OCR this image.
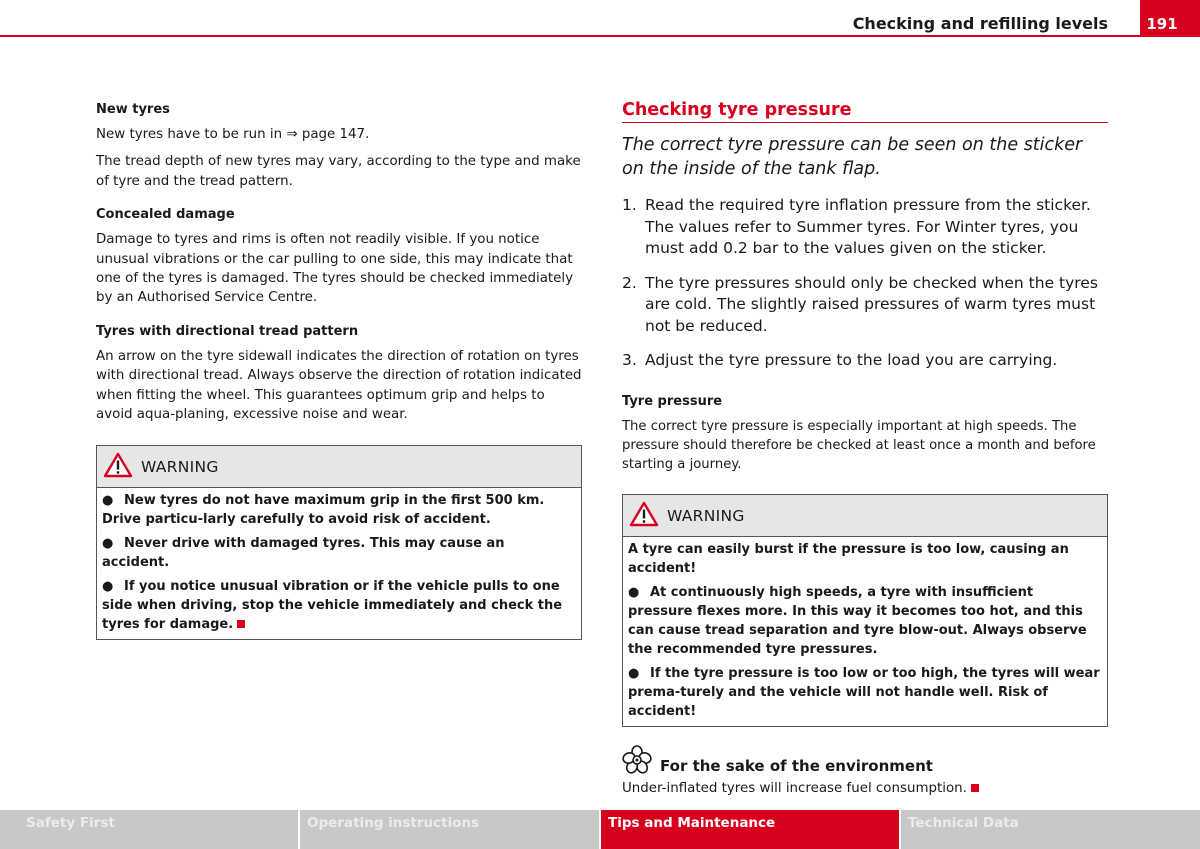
Checking and refilling levels	191
New tyres

New tyres have to be run in ⇒ page 147.

The tread depth of new tyres may vary, according to the type and make of tyre and the tread pattern.

Concealed damage

Damage to tyres and rims is often not readily visible. If you notice unusual vibrations or the car pulling to one side, this may indicate that one of the tyres is damaged. The tyres should be checked immediately by an Authorised Service Centre.

Tyres with directional tread pattern

An arrow on the tyre sidewall indicates the direction of rotation on tyres with directional tread. Always observe the direction of rotation indicated when fitting the wheel. This guarantees optimum grip and helps to avoid aqua-planing, excessive noise and wear.

WARNING
● New tyres do not have maximum grip in the first 500 km. Drive particu-larly carefully to avoid risk of accident.
● Never drive with damaged tyres. This may cause an accident.
● If you notice unusual vibration or if the vehicle pulls to one side when driving, stop the vehicle immediately and check the tyres for damage.
Checking tyre pressure

The correct tyre pressure can be seen on the sticker on the inside of the tank flap.

1. Read the required tyre inflation pressure from the sticker. The values refer to Summer tyres. For Winter tyres, you must add 0.2 bar to the values given on the sticker.
2. The tyre pressures should only be checked when the tyres are cold. The slightly raised pressures of warm tyres must not be reduced.
3. Adjust the tyre pressure to the load you are carrying.
Tyre pressure

The correct tyre pressure is especially important at high speeds. The pressure should therefore be checked at least once a month and before starting a journey.

WARNING
A tyre can easily burst if the pressure is too low, causing an accident!
● At continuously high speeds, a tyre with insufficient pressure flexes more. In this way it becomes too hot, and this can cause tread separation and tyre blow-out. Always observe the recommended tyre pressures.
● If the tyre pressure is too low or too high, the tyres will wear prema-turely and the vehicle will not handle well. Risk of accident!
For the sake of the environment

Under-inflated tyres will increase fuel consumption.

Safety First	Operating instructions	Tips and Maintenance	Technical Data
